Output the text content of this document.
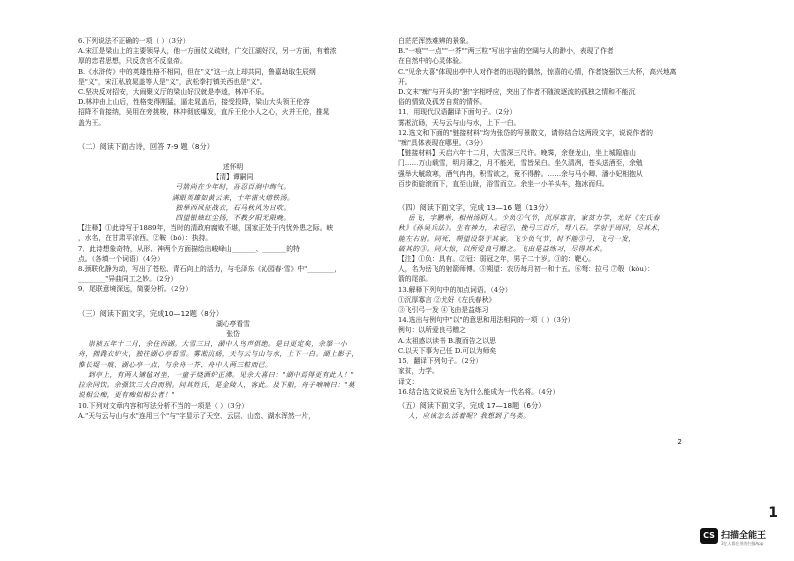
6.下列说法不正确的一项（ ）（3分）
A.宋江是梁山上的主要领导人，他一方面仗义疏财，广交江湖好汉，另一方面，有着浓
厚的忠君思想，只反贪官不反皇帝。
B.《水浒传》中的英雄性格不相同，但在"义"这一点上却共同，鲁嘉劫取生辰纲
是"义"，宋江私放晁盖等人是"义"，武松拳打镇关西也是"义"。
C.坚决反对招安，大闹聚义厅的梁山好汉就是李逵，林冲不乐。
D.林冲由上山后，性格变得刚猛，逼走晁盖后，接受投降，梁山大头领王伦容
招降不肯接纳，吴用在旁挑唆，林冲彻底爆发，直斥王伦小人之心，火并王伦，推晁
盖为王。
（二）阅读下面古诗，回答 7-9 题（8分）
述怀明
【清】谭嗣同
弓箭尚在少年时，吾忍百涧中绚气。
满眼英雄如黄云来，十年雷火熔铁汤。
独举西风征战衣，石马秋风为日吹。
四望银烛红尘扬，不教夕阳无限晚。
【注释】①此诗写于1889年，当时的清政府腐败不堪，国家正处于内忧外患之际。峡
，水名，在甘肃平凉西。②鞍（bó）：执持。
7．此诗想象奇特，从形、神两个方面描绘出峻峰山_______、_______的特
点。（各填一个词语）（4分）
8.颈联化静为动，写出了苍松、青石向上的活力，与毛泽东《沁园春·雪》中"________，
________"异曲同工之妙。（2分）
9．尾联意境深远，简要分析。（2分）
（三）阅读下面文字，完成10—12题（8分）
湖心亭看雪
张岱
崇祯五年十二月，余住西湖。大雪三日，湖中人鸟声俱绝。是日更定矣，余拏一小
舟，拥毳衣炉火，独往湖心亭看雪。雾凇沆砀，天与云与山与水，上下一白。湖上影子，
惟长堤一痕、湖心亭一点、与余舟一芥、舟中人两三粒而已。
到亭上，有两人铺毡对坐，一童子烧酒炉正沸。见余大喜曰："湖中焉得更有此人！"
拉余同饮。余强饮三大白而别。问其姓氏，是金陵人，客此。及下船，舟子喃喃曰："莫
说相公痴，更有痴似相公者！"
10.下列对文章内容和写法分析不当的一项是（ ）（3分）
A."天与云与山与水"连用三个"与"字显示了天空、云层、山峦、湖水浑然一片，
白茫茫浑然难辨的景象。
B."一痕""一点""一芥""两三粒"写出宇宙的空阔与人的渺小，表现了作者
在自然中的心灵体验。
C."见余大喜"体现出亭中人对作者的出现的偶然，惊喜的心情，作者饶强饮三大杯，高兴地离
开。
D.文末"痴"与开头的"独"字相呼应，突出了作者不随波逐流的孤独之情和不能沉
俗的情致及孤芳自赏的情怀。
11．用现代汉语翻译下面句子。（2分）
雾凇沆砀，天与云与山与水，上下一白。
12.选文和下面的"链接材料"均为张岱的写景散文，请你结合这两段文字，说说作者的
"痴"具体表现在哪里。（3分）
【链接材料】天启六年十二月，大雪深三尺许。晚霁，余登龙山，坐上城隍庙山
门……万山载雪，明月薄之，月不能光，雪皆呆白。坐久清冽，苍头送酒至，余勉
强举大觥敌寒，酒气冉冉，积雪欲之，竟不得醉。……余与马小卿、潘小妃相抱从
百步街旋滚而下，直至山趾，浴雪而立。余坐一小羊头车，拖冰而归。
（四）阅读下面文字，完成 13—16 题（13分）
岳飞，字鹏举，相州汤阴人。少负①气节，沉厚寡言，家贫力学，尤好《左氏春
秋》《孙吴兵法》。生有神力，未冠②，挽弓三百斤，弩八石。学射于周同，尽其术，
能左右射。同死，朔望设祭于其家。飞少负气节，时不能③弓，飞弓一发，
破其的③。同大惊，以所爱良弓赠之。飞由是益练习，尽得其术。
【注】①负：具有。②冠：弱冠之年，男子二十岁。③的：靶心。
人，名为岳飞的射箭师傅。⑤朔望：农历每月初一和十五。⑥弩：拉弓 ⑦彀（kòu）：
箭的尾部。
13.解释下列句中的加点词语。（4分）
①沉厚寡言 ②尤好《左氏春秋》
③飞引弓一发 ④飞由是益练习
14.选出与例句中"以"的意思和用法相同的一项（ ）（3分）
例句：以所爱良弓赠之
A.太祖惑以读书 B.腹而告之以思
C.以天下事为己任 D.可以为师矣
15．翻译下列句子。（2分）
家贫，力学。
译文：
16.结合选文说说岳飞为什么能成为一代名将。（4分）
（五）阅读下面文字，完成 17—18题（6分）
人，应该怎么活着呢？我想到了鸟类。
2
1
CS 扫描全能王
3亿人都在用的扫描App
